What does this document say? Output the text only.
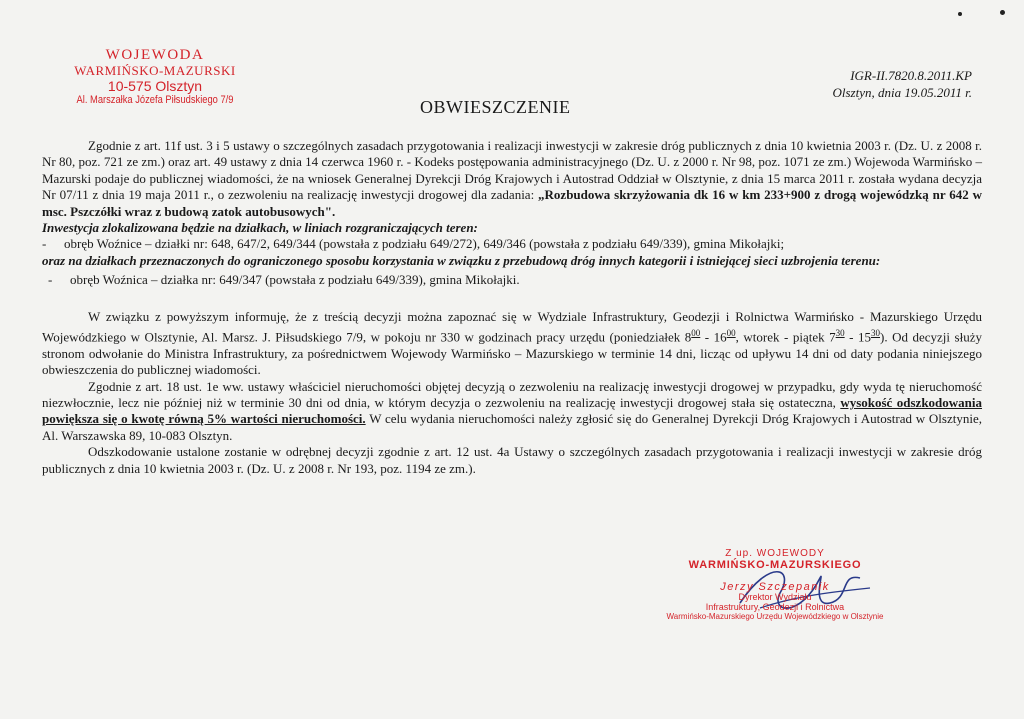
WOJEWODA
WARMIŃSKO-MAZURSKI
10-575 Olsztyn
Al. Marszałka Józefa Piłsudskiego 7/9
IGR-II.7820.8.2011.KP
Olsztyn, dnia 19.05.2011 r.
OBWIESZCZENIE

Zgodnie z art. 11f ust. 3 i 5 ustawy o szczególnych zasadach przygotowania i realizacji inwestycji w zakresie dróg publicznych z dnia 10 kwietnia 2003 r. (Dz. U. z 2008 r. Nr 80, poz. 721 ze zm.) oraz art. 49 ustawy z dnia 14 czerwca 1960 r. - Kodeks postępowania administracyjnego (Dz. U. z 2000 r. Nr 98, poz. 1071 ze zm.) Wojewoda Warmińsko – Mazurski podaje do publicznej wiadomości, że na wniosek Generalnej Dyrekcji Dróg Krajowych i Autostrad Oddział w Olsztynie, z dnia 15 marca 2011 r. została wydana decyzja Nr 07/11 z dnia 19 maja 2011 r., o zezwoleniu na realizację inwestycji drogowej dla zadania: „Rozbudowa skrzyżowania dk 16 w km 233+900 z drogą wojewódzką nr 642 w msc. Pszczółki wraz z budową zatok autobusowych".

Inwestycja zlokalizowana będzie na działkach, w liniach rozgraniczających teren:

-	obręb Woźnice – działki nr: 648, 647/2, 649/344 (powstała z podziału 649/272), 649/346 (powstała z podziału 649/339), gmina Mikołajki;

oraz na działkach przeznaczonych do ograniczonego sposobu korzystania w związku z przebudową dróg innych kategorii i istniejącej sieci uzbrojenia terenu:

-	obręb Woźnica – działka nr: 649/347 (powstała z podziału 649/339), gmina Mikołajki.

W związku z powyższym informuję, że z treścią decyzji można zapoznać się w Wydziale Infrastruktury, Geodezji i Rolnictwa Warmińsko - Mazurskiego Urzędu Wojewódzkiego w Olsztynie, Al. Marsz. J. Piłsudskiego 7/9, w pokoju nr 330 w godzinach pracy urzędu (poniedziałek $8^{00} - 16^{00}$, wtorek - piątek $7^{30} - 15^{30}$). Od decyzji służy stronom odwołanie do Ministra Infrastruktury, za pośrednictwem Wojewody Warmińsko – Mazurskiego w terminie 14 dni, licząc od upływu 14 dni od daty podania niniejszego obwieszczenia do publicznej wiadomości.

Zgodnie z art. 18 ust. 1e ww. ustawy właściciel nieruchomości objętej decyzją o zezwoleniu na realizację inwestycji drogowej w przypadku, gdy wyda tę nieruchomość niezwłocznie, lecz nie później niż w terminie 30 dni od dnia, w którym decyzja o zezwoleniu na realizację inwestycji drogowej stała się ostateczna, wysokość odszkodowania powiększa się o kwotę równą 5% wartości nieruchomości. W celu wydania nieruchomości należy zgłosić się do Generalnej Dyrekcji Dróg Krajowych i Autostrad w Olsztynie, Al. Warszawska 89, 10-083 Olsztyn.

Odszkodowanie ustalone zostanie w odrębnej decyzji zgodnie z art. 12 ust. 4a Ustawy o szczególnych zasadach przygotowania i realizacji inwestycji w zakresie dróg publicznych z dnia 10 kwietnia 2003 r. (Dz. U. z 2008 r. Nr 193, poz. 1194 ze zm.).

Z up. WOJEWODY
WARMIŃSKO-MAZURSKIEGO
Jerzy Szczepanik
Dyrektor Wydziału
Infrastruktury, Geodezji i Rolnictwa
Warmińsko-Mazurskiego Urzędu Wojewódzkiego w Olsztynie
